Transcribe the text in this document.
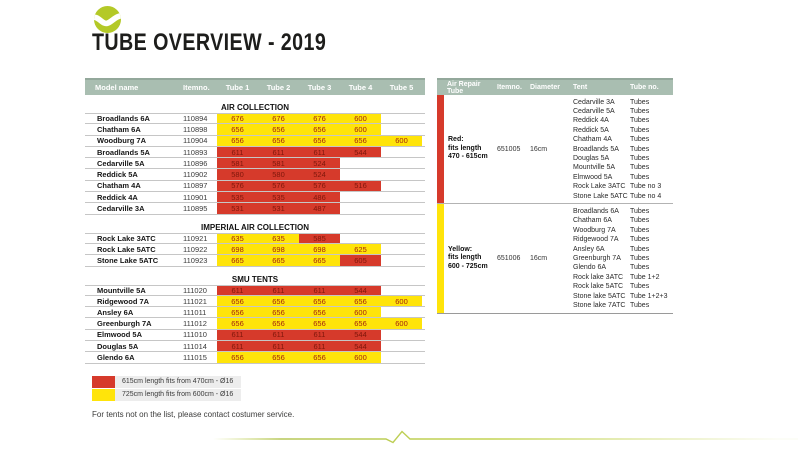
TUBE OVERVIEW - 2019
Model name	Itemno.	Tube 1	Tube 2	Tube 3	Tube 4	Tube 5
AIR COLLECTION
Broadlands 6A	110894	676	676	676	600
Chatham 6A	110898	656	656	656	600
Woodburg 7A	110904	656	656	656	656	600
Broadlands 5A	110893	611	611	611	544
Cedarville 5A	110896	581	581	524
Reddick 5A	110902	580	580	524
Chatham 4A	110897	576	576	576	516
Reddick 4A	110901	535	535	486
Cedarville 3A	110895	531	531	487
IMPERIAL AIR COLLECTION
Rock Lake 3ATC	110921	635	635	585
Rock Lake 5ATC	110922	698	698	698	625
Stone Lake 5ATC	110923	665	665	665	605
SMU TENTS
Mountville 5A	111020	611	611	611	544
Ridgewood 7A	111021	656	656	656	656	600
Ansley 6A	111011	656	656	656	600
Greenburgh 7A	111012	656	656	656	656	600
Elmwood 5A	111010	611	611	611	544
Douglas 5A	111014	611	611	611	544
Glendo 6A	111015	656	656	656	600
Air Repair Tube	Itemno.	Diameter	Tent	Tube no.
Red:
fits length
470 - 615cm
651005	16cm
Cedarville 3A	Tubes
Cedarville 5A	Tubes
Reddick 4A	Tubes
Reddick 5A	Tubes
Chatham 4A	Tubes
Broadlands 5A	Tubes
Douglas 5A	Tubes
Mountville 5A	Tubes
Elmwood 5A	Tubes
Rock Lake 3ATC Tube no 3
Stone Lake 5ATC Tube no 4
Yellow:
fits length
600 - 725cm
651006	16cm
Broadlands 6A	Tubes
Chatham 6A	Tubes
Woodburg 7A	Tubes
Ridgewood 7A	Tubes
Ansley 6A	Tubes
Greenburgh 7A	Tubes
Glendo 6A	Tubes
Rock lake 3ATC Tube 1+2
Rock lake 5ATC Tubes
Stone lake 5ATC Tube 1+2+3
Stone lake 7ATC Tubes
615cm length fits from 470cm - Ø16
725cm length fits from 600cm - Ø16

For tents not on the list, please contact costumer service.
